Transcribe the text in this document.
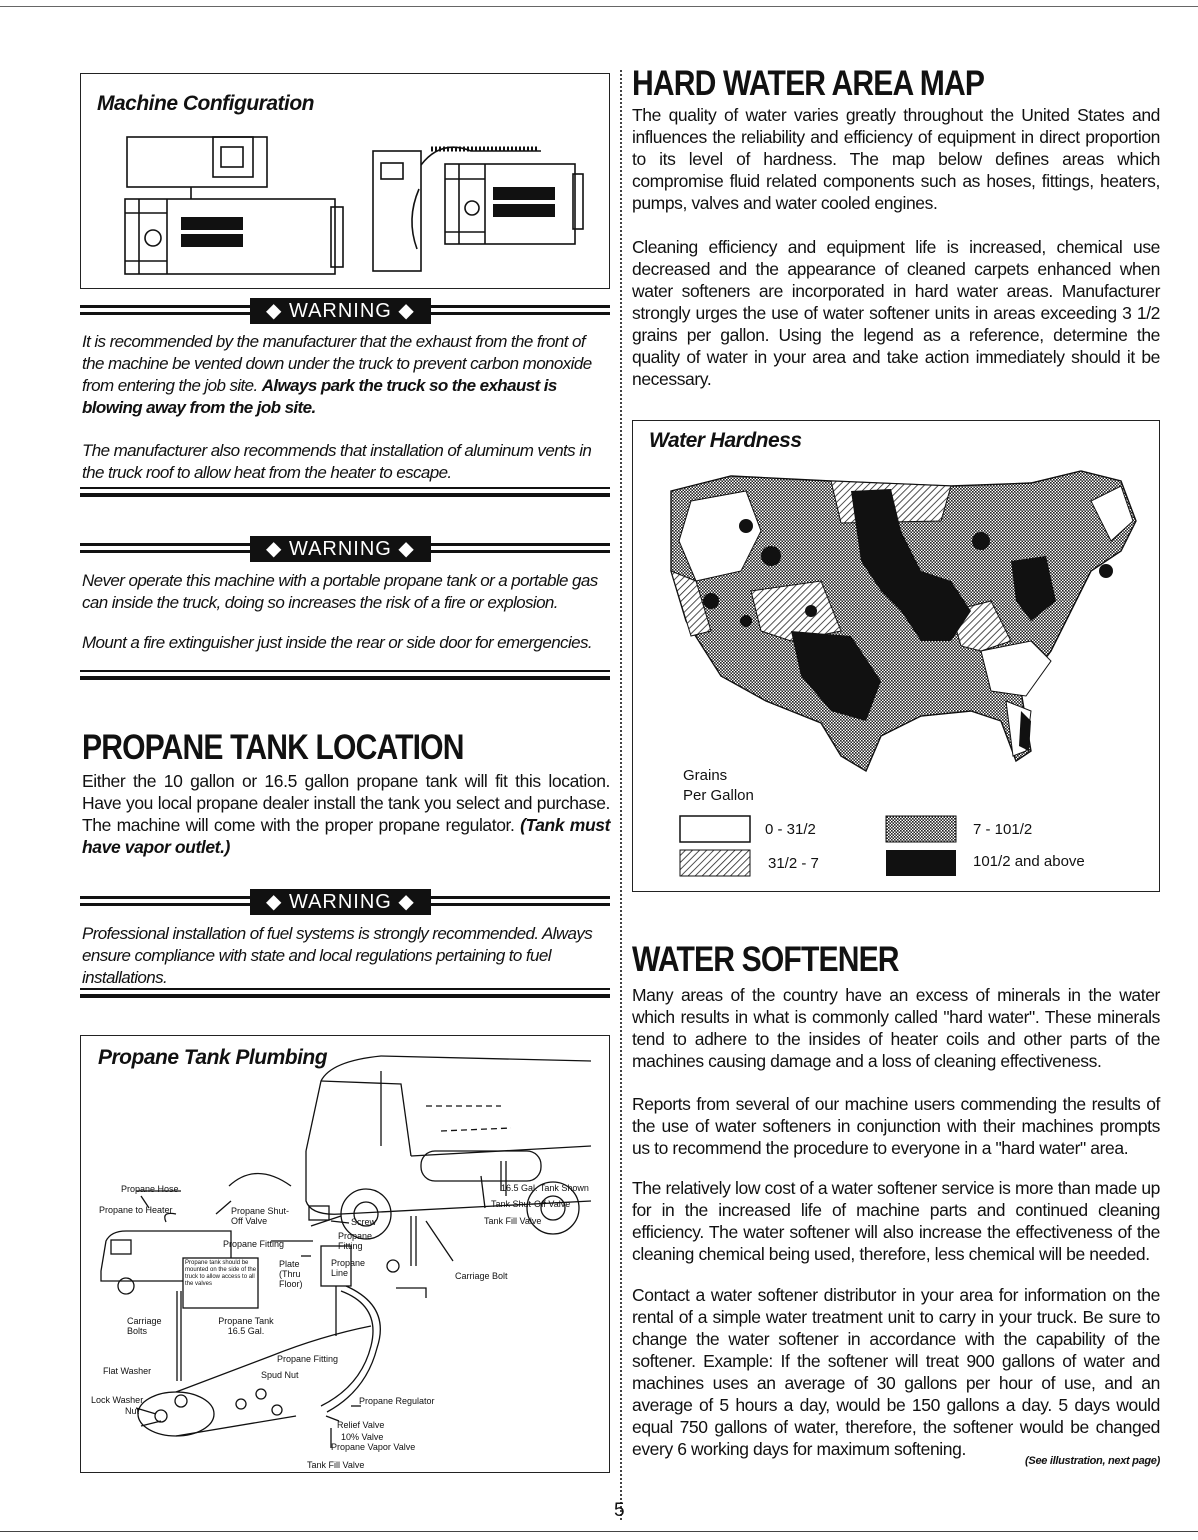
Machine Configuration
◆ WARNING ◆
It is recommended by the manufacturer that the exhaust from the front of the machine be vented down under the truck to prevent carbon monoxide from entering the job site. Always park the truck so the exhaust is blowing away from the job site.
The manufacturer also recommends that installation of aluminum vents in the truck roof to allow heat from the heater to escape.
◆ WARNING ◆
Never operate this machine with a portable propane tank or a portable gas can inside the truck, doing so increases the risk of a fire or explosion.
Mount a fire extinguisher just inside the rear or side door for emergencies.
PROPANE TANK LOCATION
Either the 10 gallon or 16.5 gallon propane tank will fit this location. Have you local propane dealer install the tank you select and purchase. The machine will come with the proper propane regulator. (Tank must have vapor outlet.)
◆ WARNING ◆
Professional installation of fuel systems is strongly recommended. Always ensure compliance with state and local regulations pertaining to fuel installations.
Propane Tank Plumbing
Propane Hose
Propane to Heater	Propane Shut-Off Valve	Screw
Propane Fitting
Propane Fitting
Plate (Thru Floor)
Propane Line
Propane tank should be mounted on the side of the truck to allow access to all the valves
Carriage Bolt
16.5 Gal. Tank Shown
Tank Shut-Off Valve
Tank Fill Valve
Carriage Bolts
Propane Tank 16.5 Gal.
Flat Washer
Lock Washer
Nut
Propane Fitting
Spud Nut
Propane Regulator
Relief Valve
10% Valve
Propane Vapor Valve
Tank Fill Valve
HARD WATER AREA MAP
The quality of water varies greatly throughout the United States and influences the reliability and efficiency of equipment in direct proportion to its level of hardness. The map below defines areas which compromise fluid related components such as hoses, fittings, heaters, pumps, valves and water cooled engines.
Cleaning efficiency and equipment life is increased, chemical use decreased and the appearance of cleaned carpets enhanced when water softeners are incorporated in hard water areas. Manufacturer strongly urges the use of water softener units in areas exceeding 3 1/2 grains per gallon. Using the legend as a reference, determine the quality of water in your area and take action immediately should it be necessary.
Water Hardness
Grains
Per Gallon
0 - 31/2	7 - 101/2
31/2 - 7	101/2 and above
WATER SOFTENER
Many areas of the country have an excess of minerals in the water which results in what is commonly called "hard water". These minerals tend to adhere to the insides of heater coils and other parts of the machines causing damage and a loss of cleaning effectiveness.
Reports from several of our machine users commending the results of the use of water softeners in conjunction with their machines prompts us to recommend the procedure to everyone in a "hard water" area.
The relatively low cost of a water softener service is more than made up for in the increased life of machine parts and continued cleaning efficiency. The water softener will also increase the effectiveness of the cleaning chemical being used, therefore, less chemical will be needed.
Contact a water softener distributor in your area for information on the rental of a simple water treatment unit to carry in your truck. Be sure to change the water softener in accordance with the capability of the softener. Example: If the softener will treat 900 gallons of water and machines uses an average of 30 gallons per hour of use, and an average of 5 hours a day, would be 150 gallons a day. 5 days would equal 750 gallons of water, therefore, the softener would be changed every 6 working days for maximum softening.
(See illustration, next page)
5
